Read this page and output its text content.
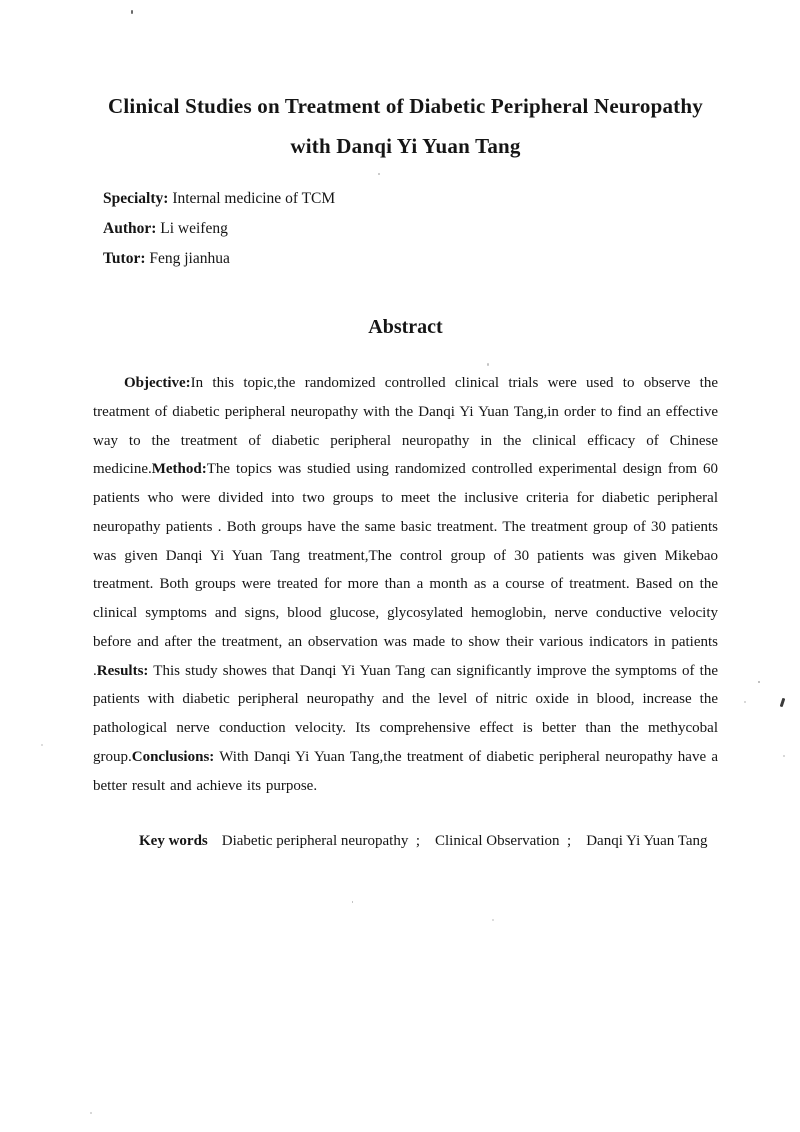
Clinical Studies on Treatment of Diabetic Peripheral Neuropathy
with Danqi Yi Yuan Tang
Specialty: Internal medicine of TCM
Author: Li weifeng
Tutor: Feng jianhua
Abstract

Objective:In this topic,the randomized controlled clinical trials were used to observe the treatment of diabetic peripheral neuropathy with the Danqi Yi Yuan Tang,in order to find an effective way to the treatment of diabetic peripheral neuropathy in the clinical efficacy of Chinese medicine.Method:The topics was studied using randomized controlled experimental design from 60 patients who were divided into two groups to meet the inclusive criteria for diabetic peripheral neuropathy patients . Both groups have the same basic treatment. The treatment group of 30 patients was given Danqi Yi Yuan Tang treatment,The control group of 30 patients was given Mikebao treatment. Both groups were treated for more than a month as a course of treatment. Based on the clinical symptoms and signs, blood glucose, glycosylated hemoglobin, nerve conductive velocity before and after the treatment, an observation was made to show their various indicators in patients .Results: This study showes that Danqi Yi Yuan Tang can significantly improve the symptoms of the patients with diabetic peripheral neuropathy and the level of nitric oxide in blood, increase the pathological nerve conduction velocity. Its comprehensive effect is better than the methycobal group.Conclusions: With Danqi Yi Yuan Tang,the treatment of diabetic peripheral neuropathy have a better result and achieve its purpose.

Key words Diabetic peripheral neuropathy ; Clinical Observation ; Danqi Yi Yuan Tang
